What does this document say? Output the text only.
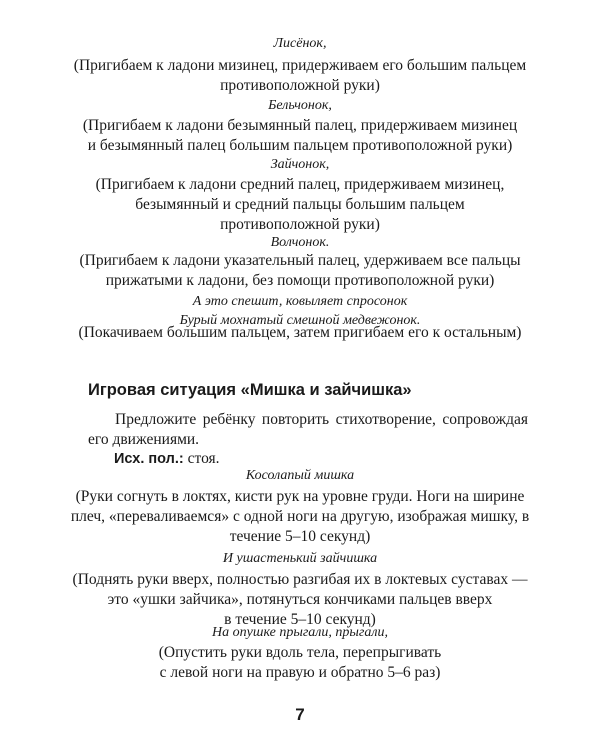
Лисёнок,

(Пригибаем к ладони мизинец, придерживаем его большим пальцем
противоположной руки)

Бельчонок,

(Пригибаем к ладони безымянный палец, придерживаем мизинец
и безымянный палец большим пальцем противоположной руки)

Зайчонок,

(Пригибаем к ладони средний палец, придерживаем мизинец,
безымянный и средний пальцы большим пальцем
противоположной руки)

Волчонок.

(Пригибаем к ладони указательный палец, удерживаем все пальцы
прижатыми к ладони, без помощи противоположной руки)

А это спешит, ковыляет спросонок
Бурый мохнатый смешной медвежонок.

(Покачиваем большим пальцем, затем пригибаем его к остальным)

Игровая ситуация «Мишка и зайчишка»

Предложите ребёнку повторить стихотворение, сопровождая его движениями.

Исх. пол.: стоя.

Косолапый мишка

(Руки согнуть в локтях, кисти рук на уровне груди. Ноги на ширине
плеч, «переваливаемся» с одной ноги на другую, изображая мишку, в
течение 5–10 секунд)

И ушастенький зайчишка

(Поднять руки вверх, полностью разгибая их в локтевых суставах —
это «ушки зайчика», потянуться кончиками пальцев вверх
в течение 5–10 секунд)

На опушке прыгали, прыгали,

(Опустить руки вдоль тела, перепрыгивать
с левой ноги на правую и обратно 5–6 раз)

7
